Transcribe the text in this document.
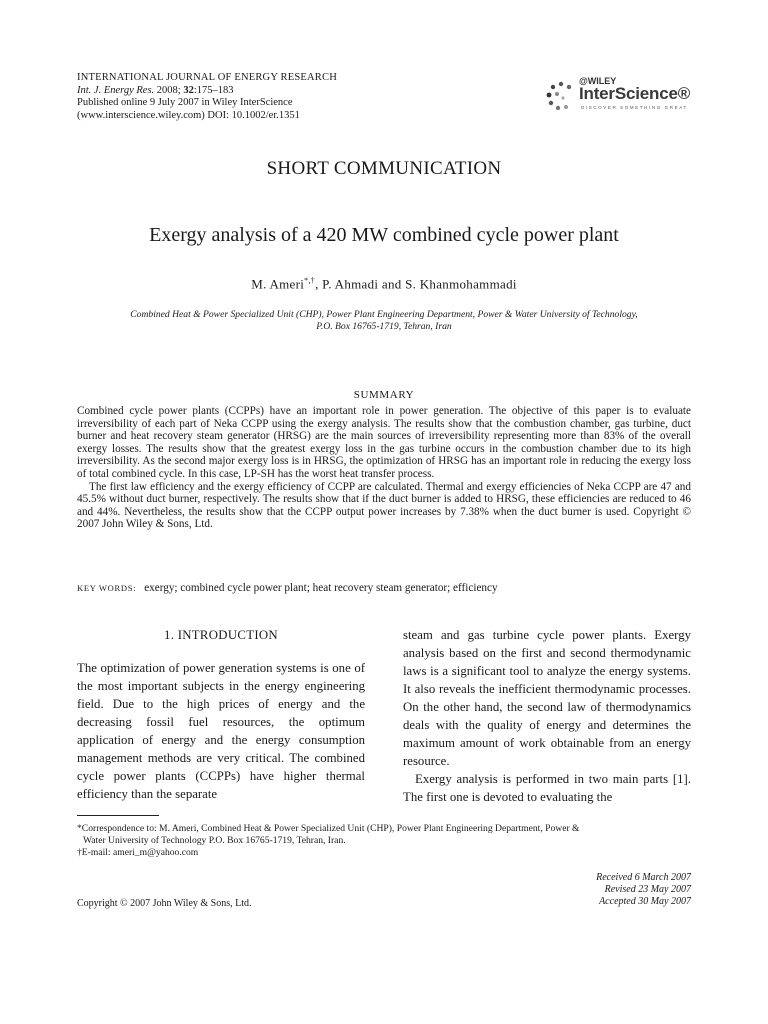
INTERNATIONAL JOURNAL OF ENERGY RESEARCH
Int. J. Energy Res. 2008; 32:175–183
Published online 9 July 2007 in Wiley InterScience
(www.interscience.wiley.com) DOI: 10.1002/er.1351
@WILEY
InterScience®
DISCOVER SOMETHING GREAT
SHORT COMMUNICATION
Exergy analysis of a 420 MW combined cycle power plant
M. Ameri*,†, P. Ahmadi and S. Khanmohammadi
Combined Heat & Power Specialized Unit (CHP), Power Plant Engineering Department, Power & Water University of Technology,
P.O. Box 16765-1719, Tehran, Iran
SUMMARY

Combined cycle power plants (CCPPs) have an important role in power generation. The objective of this paper is to evaluate irreversibility of each part of Neka CCPP using the exergy analysis. The results show that the combustion chamber, gas turbine, duct burner and heat recovery steam generator (HRSG) are the main sources of irreversibility representing more than 83% of the overall exergy losses. The results show that the greatest exergy loss in the gas turbine occurs in the combustion chamber due to its high irreversibility. As the second major exergy loss is in HRSG, the optimization of HRSG has an important role in reducing the exergy loss of total combined cycle. In this case, LP-SH has the worst heat transfer process.

The first law efficiency and the exergy efficiency of CCPP are calculated. Thermal and exergy efficiencies of Neka CCPP are 47 and 45.5% without duct burner, respectively. The results show that if the duct burner is added to HRSG, these efficiencies are reduced to 46 and 44%. Nevertheless, the results show that the CCPP output power increases by 7.38% when the duct burner is used. Copyright © 2007 John Wiley & Sons, Ltd.

KEY WORDS: exergy; combined cycle power plant; heat recovery steam generator; efficiency
1. INTRODUCTION

The optimization of power generation systems is one of the most important subjects in the energy engineering field. Due to the high prices of energy and the decreasing fossil fuel resources, the optimum application of energy and the energy consumption management methods are very critical. The combined cycle power plants (CCPPs) have higher thermal efficiency than the separate

steam and gas turbine cycle power plants. Exergy analysis based on the first and second thermodynamic laws is a significant tool to analyze the energy systems. It also reveals the inefficient thermodynamic processes. On the other hand, the second law of thermodynamics deals with the quality of energy and determines the maximum amount of work obtainable from an energy resource.

Exergy analysis is performed in two main parts [1]. The first one is devoted to evaluating the

*Correspondence to: M. Ameri, Combined Heat & Power Specialized Unit (CHP), Power Plant Engineering Department, Power &

Water University of Technology P.O. Box 16765-1719, Tehran, Iran.

†E-mail: ameri_m@yahoo.com

Received 6 March 2007
Revised 23 May 2007
Accepted 30 May 2007
Copyright © 2007 John Wiley & Sons, Ltd.
